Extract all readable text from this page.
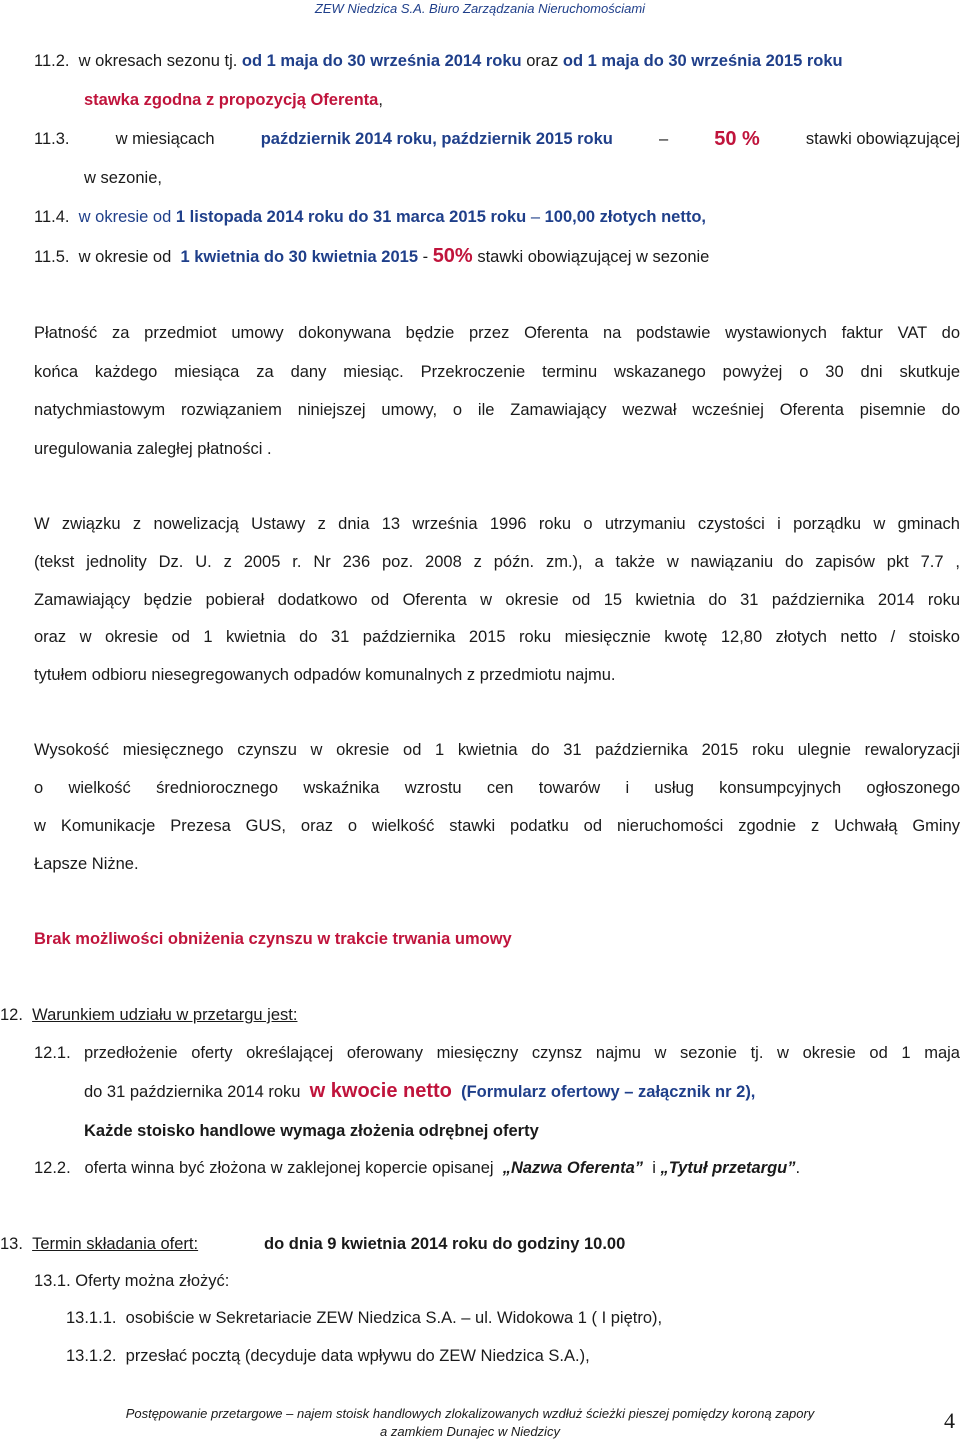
ZEW Niedzica S.A. Biuro Zarządzania Nieruchomościami
11.2. w okresach sezonu tj. od 1 maja do 30 września 2014 roku oraz od 1 maja do 30 września 2015 roku
stawka zgodna z propozycją Oferenta,
11.3.	w miesiącach	październik 2014 roku, październik 2015 roku	– 50 %	stawki obowiązującej
w sezonie,
11.4. w okresie od 1 listopada 2014 roku do 31 marca 2015 roku – 100,00 złotych netto,
11.5. w okresie od 1 kwietnia do 30 kwietnia 2015 - 50% stawki obowiązującej w sezonie
Płatność za przedmiot umowy dokonywana będzie przez Oferenta na podstawie wystawionych faktur VAT do
końca każdego miesiąca za dany miesiąc. Przekroczenie terminu wskazanego powyżej o 30 dni skutkuje
natychmiastowym rozwiązaniem niniejszej umowy, o ile Zamawiający wezwał wcześniej Oferenta pisemnie do
uregulowania zaległej płatności .
W związku z nowelizacją Ustawy z dnia 13 września 1996 roku o utrzymaniu czystości i porządku w gminach
(tekst jednolity Dz. U. z 2005 r. Nr 236 poz. 2008 z późn. zm.), a także w nawiązaniu do zapisów pkt 7.7 ,
Zamawiający będzie pobierał dodatkowo od Oferenta w okresie od 15 kwietnia do 31 października 2014 roku
oraz w okresie od 1 kwietnia do 31 października 2015 roku miesięcznie kwotę 12,80 złotych netto / stoisko
tytułem odbioru niesegregowanych odpadów komunalnych z przedmiotu najmu.
Wysokość miesięcznego czynszu w okresie od 1 kwietnia do 31 października 2015 roku ulegnie rewaloryzacji
o wielkość średniorocznego wskaźnika wzrostu cen towarów i usług konsumpcyjnych ogłoszonego
w Komunikacje Prezesa GUS, oraz o wielkość stawki podatku od nieruchomości zgodnie z Uchwałą Gminy
Łapsze Niżne.
Brak możliwości obniżenia czynszu w trakcie trwania umowy
12. Warunkiem udziału w przetargu jest:
12.1. przedłożenie oferty określającej oferowany miesięczny czynsz najmu w sezonie tj. w okresie od 1 maja
do 31 października 2014 roku w kwocie netto (Formularz ofertowy – załącznik nr 2),
Każde stoisko handlowe wymaga złożenia odrębnej oferty
12.2. oferta winna być złożona w zaklejonej kopercie opisanej „Nazwa Oferenta” i „Tytuł przetargu”.
13. Termin składania ofert:	do dnia 9 kwietnia 2014 roku do godziny 10.00
13.1. Oferty można złożyć:
13.1.1. osobiście w Sekretariacie ZEW Niedzica S.A. – ul. Widokowa 1 ( I piętro),
13.1.2. przesłać pocztą (decyduje data wpływu do ZEW Niedzica S.A.),
Postępowanie przetargowe – najem stoisk handlowych zlokalizowanych wzdłuż ścieżki pieszej pomiędzy koroną zapory
a zamkiem Dunajec w Niedzicy	4
